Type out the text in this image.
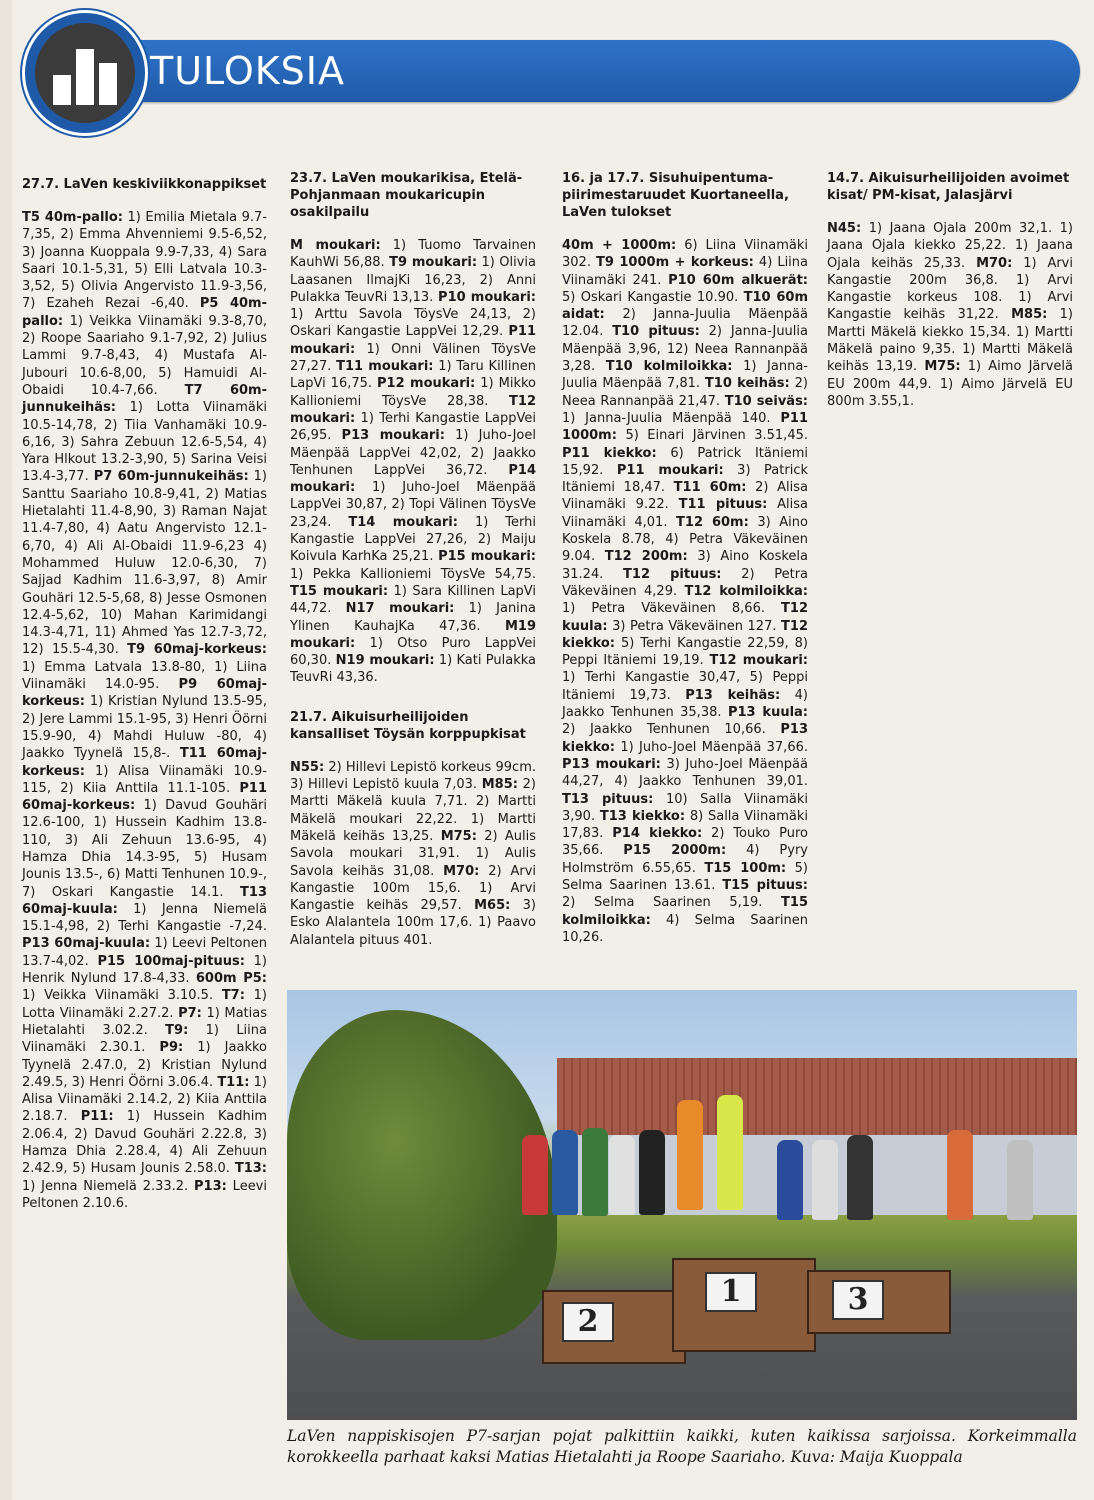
TULOKSIA
27.7. LaVen keskiviikkonappikset

T5 40m-pallo: 1) Emilia Mietala 9.7-7,35, 2) Emma Ahvenniemi 9.5-6,52, 3) Joanna Kuoppala 9.9-7,33, 4) Sara Saari 10.1-5,31, 5) Elli Latvala 10.3-3,52, 5) Olivia Angervisto 11.9-3,56, 7) Ezaheh Rezai -6,40. P5 40m-pallo: 1) Veikka Viinamäki 9.3-8,70, 2) Roope Saariaho 9.1-7,92, 2) Julius Lammi 9.7-8,43, 4) Mustafa Al-Jubouri 10.6-8,00, 5) Hamuidi Al-Obaidi 10.4-7,66. T7 60m-junnukeihäs: 1) Lotta Viinamäki 10.5-14,78, 2) Tiia Vanhamäki 10.9-6,16, 3) Sahra Zebuun 12.6-5,54, 4) Yara Hlkout 13.2-3,90, 5) Sarina Veisi 13.4-3,77. P7 60m-junnukeihäs: 1) Santtu Saariaho 10.8-9,41, 2) Matias Hietalahti 11.4-8,90, 3) Raman Najat 11.4-7,80, 4) Aatu Angervisto 12.1-6,70, 4) Ali Al-Obaidi 11.9-6,23 4) Mohammed Huluw 12.0-6,30, 7) Sajjad Kadhim 11.6-3,97, 8) Amir Gouhäri 12.5-5,68, 8) Jesse Osmonen 12.4-5,62, 10) Mahan Karimidangi 14.3-4,71, 11) Ahmed Yas 12.7-3,72, 12) 15.5-4,30. T9 60maj-korkeus: 1) Emma Latvala 13.8-80, 1) Liina Viinamäki 14.0-95. P9 60maj-korkeus: 1) Kristian Nylund 13.5-95, 2) Jere Lammi 15.1-95, 3) Henri Öörni 15.9-90, 4) Mahdi Huluw -80, 4) Jaakko Tyynelä 15,8-. T11 60maj-korkeus: 1) Alisa Viinamäki 10.9-115, 2) Kiia Anttila 11.1-105. P11 60maj-korkeus: 1) Davud Gouhäri 12.6-100, 1) Hussein Kadhim 13.8-110, 3) Ali Zehuun 13.6-95, 4) Hamza Dhia 14.3-95, 5) Husam Jounis 13.5-, 6) Matti Tenhunen 10.9-, 7) Oskari Kangastie 14.1. T13 60maj-kuula: 1) Jenna Niemelä 15.1-4,98, 2) Terhi Kangastie -7,24. P13 60maj-kuula: 1) Leevi Peltonen 13.7-4,02. P15 100maj-pituus: 1) Henrik Nylund 17.8-4,33. 600m P5: 1) Veikka Viinamäki 3.10.5. T7: 1) Lotta Viinamäki 2.27.2. P7: 1) Matias Hietalahti 3.02.2. T9: 1) Liina Viinamäki 2.30.1. P9: 1) Jaakko Tyynelä 2.47.0, 2) Kristian Nylund 2.49.5, 3) Henri Öörni 3.06.4. T11: 1) Alisa Viinamäki 2.14.2, 2) Kiia Anttila 2.18.7. P11: 1) Hussein Kadhim 2.06.4, 2) Davud Gouhäri 2.22.8, 3) Hamza Dhia 2.28.4, 4) Ali Zehuun 2.42.9, 5) Husam Jounis 2.58.0. T13: 1) Jenna Niemelä 2.33.2. P13: Leevi Peltonen 2.10.6.

23.7. LaVen moukarikisa, Etelä-Pohjanmaan moukaricupin osakilpailu

M moukari: 1) Tuomo Tarvainen KauhWi 56,88. T9 moukari: 1) Olivia Laasanen IlmajKi 16,23, 2) Anni Pulakka TeuvRi 13,13. P10 moukari: 1) Arttu Savola TöysVe 24,13, 2) Oskari Kangastie LappVei 12,29. P11 moukari: 1) Onni Välinen TöysVe 27,27. T11 moukari: 1) Taru Killinen LapVi 16,75. P12 moukari: 1) Mikko Kallioniemi TöysVe 28,38. T12 moukari: 1) Terhi Kangastie LappVei 26,95. P13 moukari: 1) Juho-Joel Mäenpää LappVei 42,02, 2) Jaakko Tenhunen LappVei 36,72. P14 moukari: 1) Juho-Joel Mäenpää LappVei 30,87, 2) Topi Välinen TöysVe 23,24. T14 moukari: 1) Terhi Kangastie LappVei 27,26, 2) Maiju Koivula KarhKa 25,21. P15 moukari: 1) Pekka Kallioniemi TöysVe 54,75. T15 moukari: 1) Sara Killinen LapVi 44,72. N17 moukari: 1) Janina Ylinen KauhajKa 47,36. M19 moukari: 1) Otso Puro LappVei 60,30. N19 moukari: 1) Kati Pulakka TeuvRi 43,36.

21.7. Aikuisurheilijoiden kansalliset Töysän korppupkisat

N55: 2) Hillevi Lepistö korkeus 99cm. 3) Hillevi Lepistö kuula 7,03. M85: 2) Martti Mäkelä kuula 7,71. 2) Martti Mäkelä moukari 22,22. 1) Martti Mäkelä keihäs 13,25. M75: 2) Aulis Savola moukari 31,91. 1) Aulis Savola keihäs 31,08. M70: 2) Arvi Kangastie 100m 15,6. 1) Arvi Kangastie keihäs 29,57. M65: 3) Esko Alalantela 100m 17,6. 1) Paavo Alalantela pituus 401.

16. ja 17.7. Sisuhuipentuma-piirimestaruudet Kuortaneella, LaVen tulokset

40m + 1000m: 6) Liina Viinamäki 302. T9 1000m + korkeus: 4) Liina Viinamäki 241. P10 60m alkuerät: 5) Oskari Kangastie 10.90. T10 60m aidat: 2) Janna-Juulia Mäenpää 12.04. T10 pituus: 2) Janna-Juulia Mäenpää 3,96, 12) Neea Rannanpää 3,28. T10 kolmiloikka: 1) Janna-Juulia Mäenpää 7,81. T10 keihäs: 2) Neea Rannanpää 21,47. T10 seiväs: 1) Janna-Juulia Mäenpää 140. P11 1000m: 5) Einari Järvinen 3.51,45. P11 kiekko: 6) Patrick Itäniemi 15,92. P11 moukari: 3) Patrick Itäniemi 18,47. T11 60m: 2) Alisa Viinamäki 9.22. T11 pituus: Alisa Viinamäki 4,01. T12 60m: 3) Aino Koskela 8.78, 4) Petra Väkeväinen 9.04. T12 200m: 3) Aino Koskela 31.24. T12 pituus: 2) Petra Väkeväinen 4,29. T12 kolmiloikka: 1) Petra Väkeväinen 8,66. T12 kuula: 3) Petra Väkeväinen 127. T12 kiekko: 5) Terhi Kangastie 22,59, 8) Peppi Itäniemi 19,19. T12 moukari: 1) Terhi Kangastie 30,47, 5) Peppi Itäniemi 19,73. P13 keihäs: 4) Jaakko Tenhunen 35,38. P13 kuula: 2) Jaakko Tenhunen 10,66. P13 kiekko: 1) Juho-Joel Mäenpää 37,66. P13 moukari: 3) Juho-Joel Mäenpää 44,27, 4) Jaakko Tenhunen 39,01. T13 pituus: 10) Salla Viinamäki 3,90. T13 kiekko: 8) Salla Viinamäki 17,83. P14 kiekko: 2) Touko Puro 35,66. P15 2000m: 4) Pyry Holmström 6.55,65. T15 100m: 5) Selma Saarinen 13.61. T15 pituus: 2) Selma Saarinen 5,19. T15 kolmiloikka: 4) Selma Saarinen 10,26.

14.7. Aikuisurheilijoiden avoimet kisat/ PM-kisat, Jalasjärvi

N45: 1) Jaana Ojala 200m 32,1. 1) Jaana Ojala kiekko 25,22. 1) Jaana Ojala keihäs 25,33. M70: 1) Arvi Kangastie 200m 36,8. 1) Arvi Kangastie korkeus 108. 1) Arvi Kangastie keihäs 31,22. M85: 1) Martti Mäkelä kiekko 15,34. 1) Martti Mäkelä paino 9,35. 1) Martti Mäkelä keihäs 13,19. M75: 1) Aimo Järvelä EU 200m 44,9. 1) Aimo Järvelä EU 800m 3.55,1.

2
1	3
LaVen nappiskisojen P7-sarjan pojat palkittiin kaikki, kuten kaikissa sarjoissa. Korkeimmalla korokkeella parhaat kaksi Matias Hietalahti ja Roope Saariaho. Kuva: Maija Kuoppala
